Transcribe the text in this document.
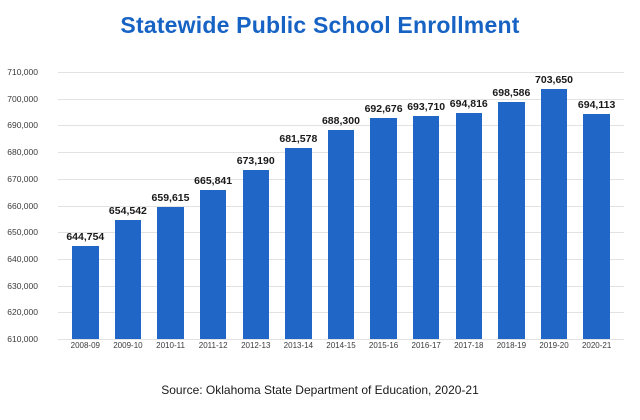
Statewide Public School Enrollment
710,000
700,000
690,000
680,000
670,000
660,000
650,000
640,000
630,000
620,000
610,000
644,754
654,542
659,615
665,841
673,190
681,578
688,300
692,676 693,710 694,816
698,586
703,650
694,113
2008-09	2009-10	2010-11	2011-12	2012-13	2013-14	2014-15	2015-16	2016-17	2017-18	2018-19	2019-20	2020-21
Source: Oklahoma State Department of Education, 2020-21
